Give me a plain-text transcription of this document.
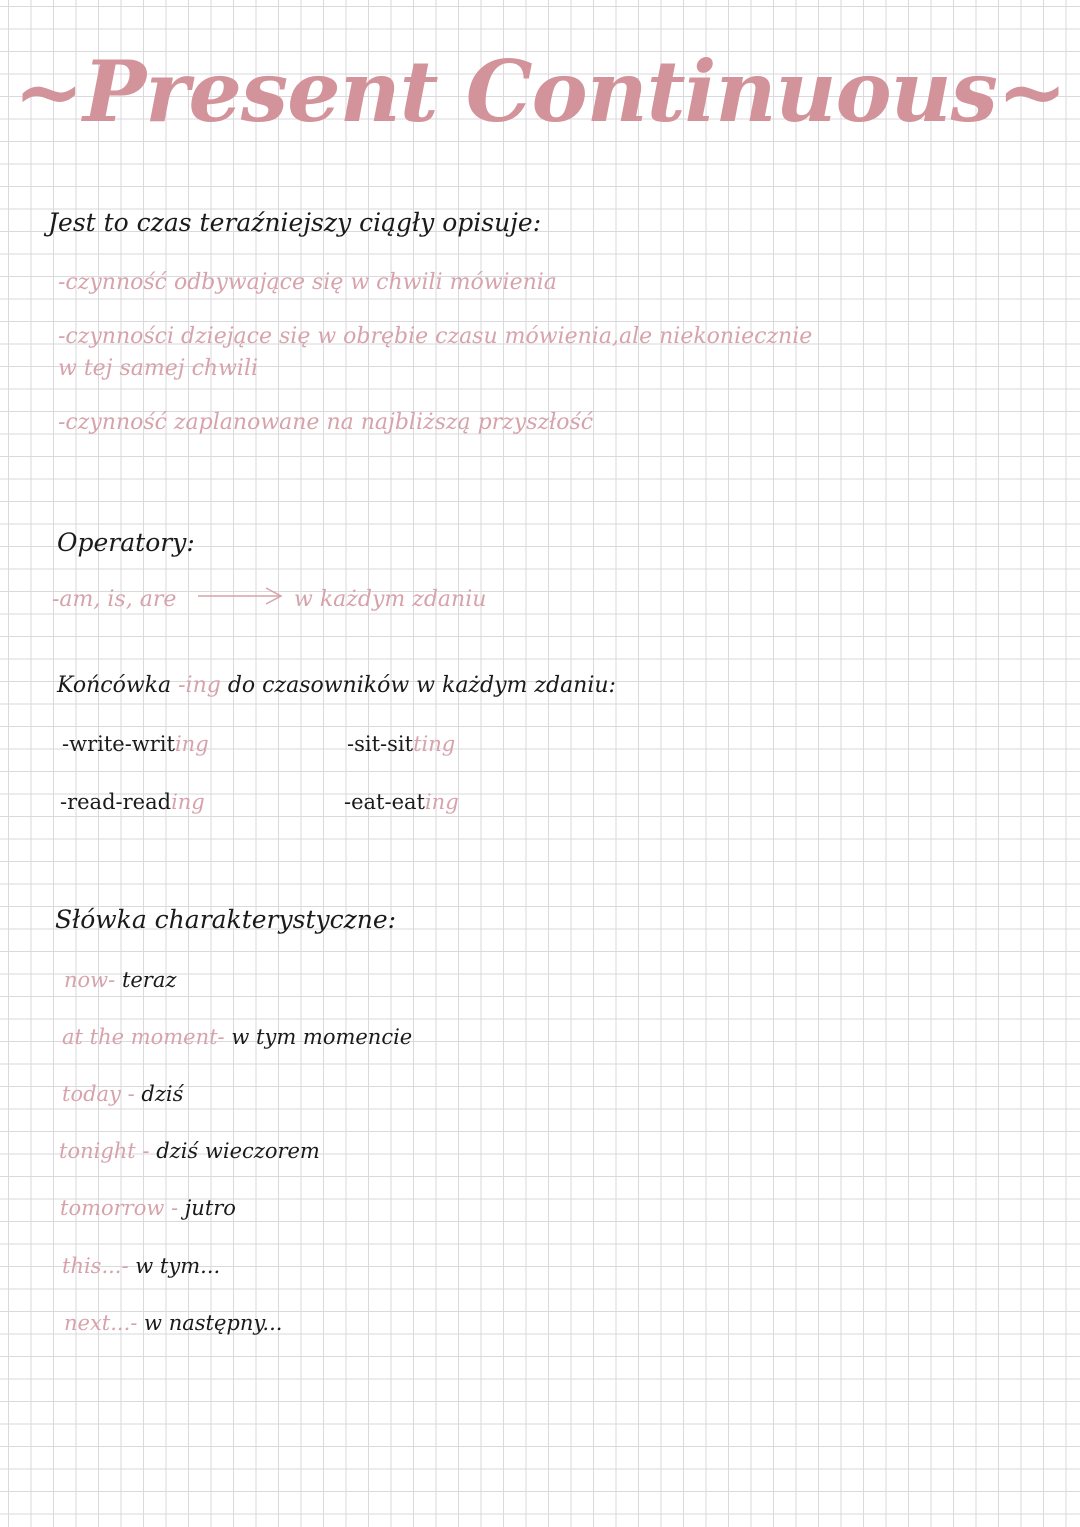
~Present Continuous~
Jest to czas teraźniejszy ciągły opisuje:
-czynność odbywające się w chwili mówienia
-czynności dziejące się w obrębie czasu mówienia,ale niekoniecznie
w tej samej chwili
-czynność zaplanowane na najbliższą przyszłość
Operatory:
-am, is, are	w każdym zdaniu
Końcówka -ing do czasowników w każdym zdaniu:
-write-writing	-sit-sitting
-read-reading	-eat-eating
Słówka charakterystyczne:
now- teraz
at the moment- w tym momencie
today - dziś
tonight - dziś wieczorem
tomorrow - jutro
this...- w tym...
next...- w następny...
